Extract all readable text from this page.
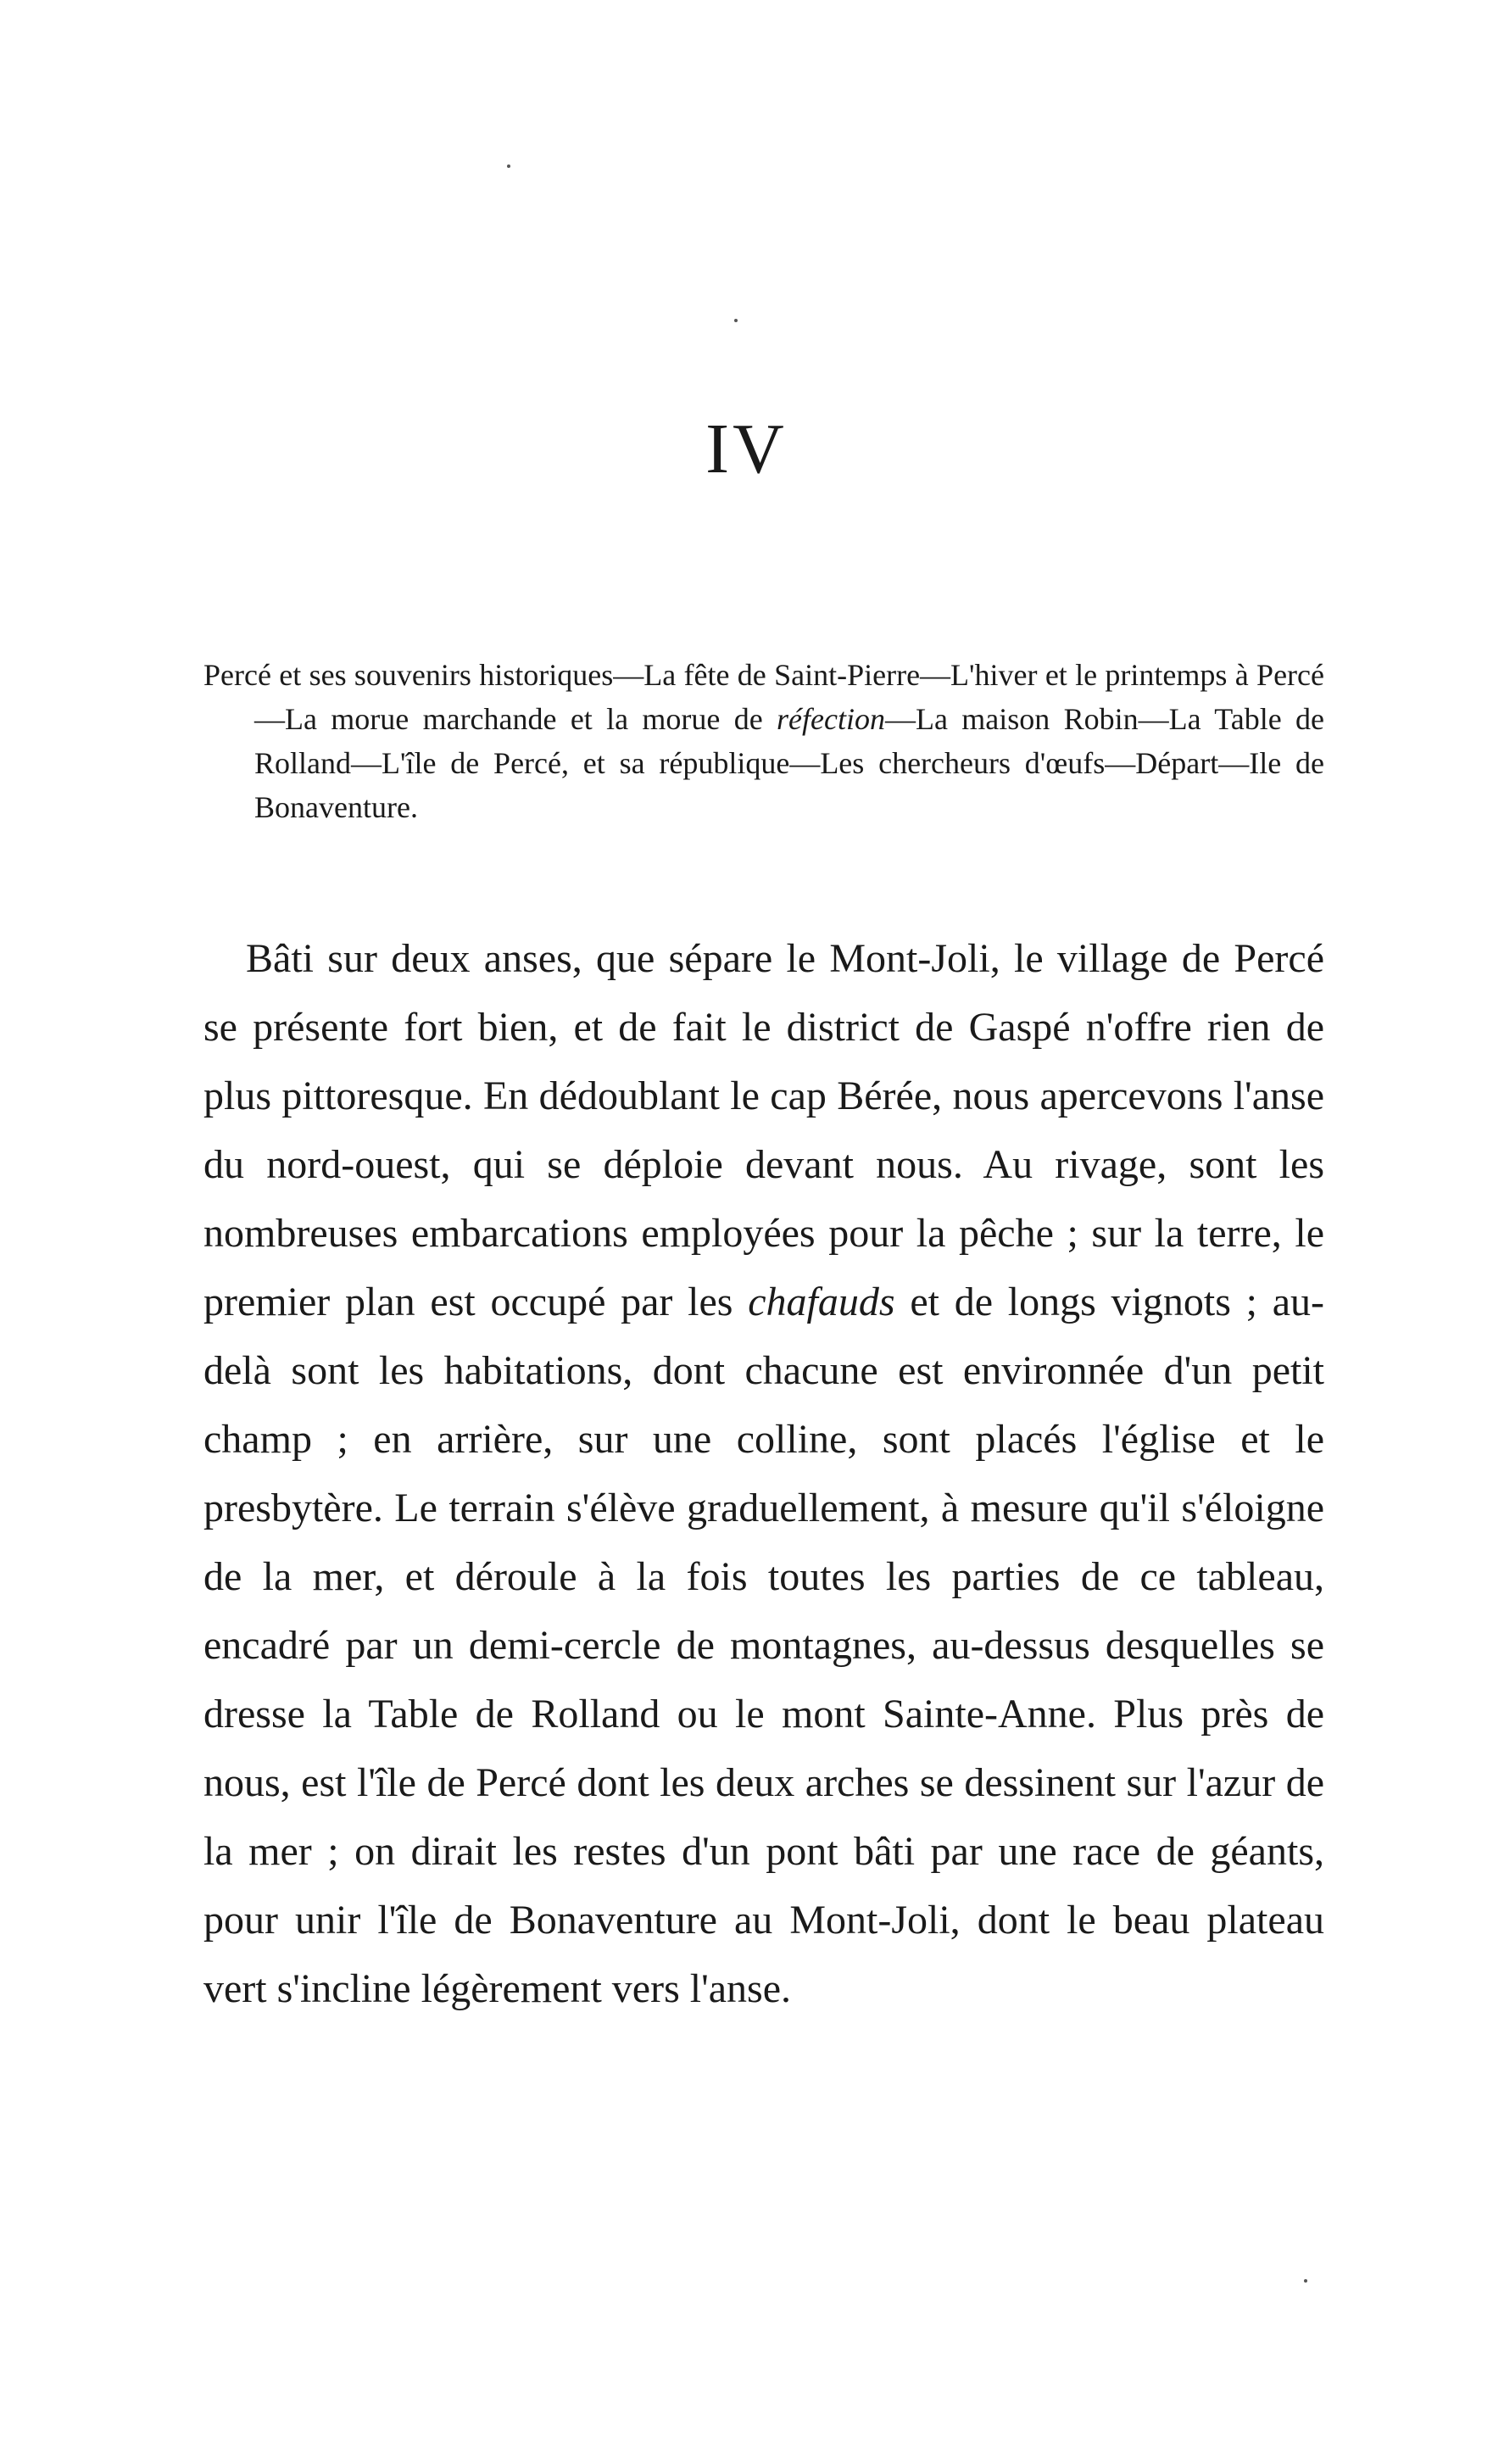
IV
Percé et ses souvenirs historiques—La fête de Saint-Pierre—L'hiver et le printemps à Percé—La morue marchande et la morue de réfection—La maison Robin—La Table de Rolland—L'île de Percé, et sa république—Les chercheurs d'œufs—Départ—Ile de Bonaventure.
Bâti sur deux anses, que sépare le Mont-Joli, le village de Percé se présente fort bien, et de fait le district de Gaspé n'offre rien de plus pittoresque. En dédoublant le cap Bérée, nous apercevons l'anse du nord-ouest, qui se déploie devant nous. Au rivage, sont les nombreuses embarcations employées pour la pêche ; sur la terre, le premier plan est occupé par les chafauds et de longs vignots ; au-delà sont les habitations, dont chacune est environnée d'un petit champ ; en arrière, sur une colline, sont placés l'église et le presbytère. Le terrain s'élève graduellement, à mesure qu'il s'éloigne de la mer, et déroule à la fois toutes les parties de ce tableau, encadré par un demi-cercle de montagnes, au-dessus desquelles se dresse la Table de Rolland ou le mont Sainte-Anne. Plus près de nous, est l'île de Percé dont les deux arches se dessinent sur l'azur de la mer ; on dirait les restes d'un pont bâti par une race de géants, pour unir l'île de Bonaventure au Mont-Joli, dont le beau plateau vert s'incline légèrement vers l'anse.
